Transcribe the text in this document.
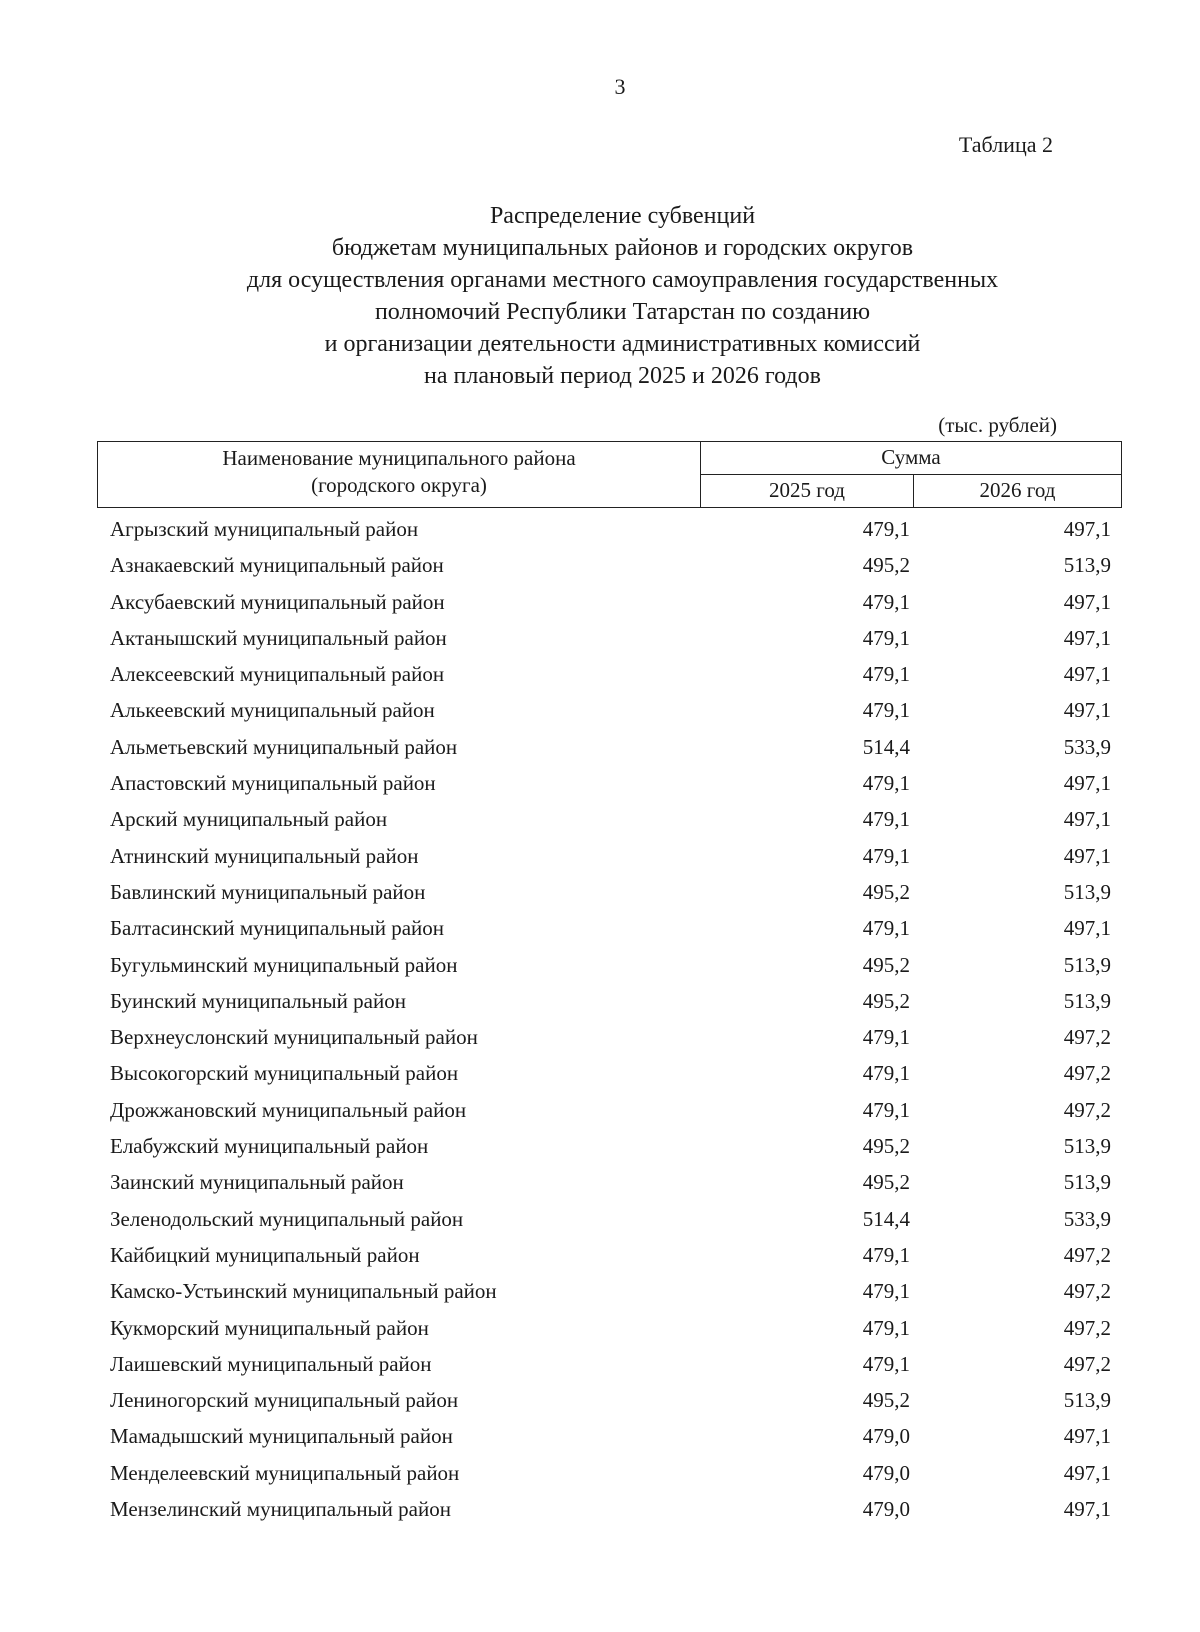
3
Таблица 2
Распределение субвенций
бюджетам муниципальных районов и городских округов
для осуществления органами местного самоуправления государственных
полномочий Республики Татарстан по созданию
и организации деятельности административных комиссий
на плановый период 2025 и 2026 годов
(тыс. рублей)
Наименование муниципального района
(городского округа)
Сумма
2025 год	2026 год
Агрызский муниципальный район	479,1	497,1
Азнакаевский муниципальный район	495,2	513,9
Аксубаевский муниципальный район	479,1	497,1
Актанышский муниципальный район	479,1	497,1
Алексеевский муниципальный район	479,1	497,1
Алькеевский муниципальный район	479,1	497,1
Альметьевский муниципальный район	514,4	533,9
Апастовский муниципальный район	479,1	497,1
Арский муниципальный район	479,1	497,1
Атнинский муниципальный район	479,1	497,1
Бавлинский муниципальный район	495,2	513,9
Балтасинский муниципальный район	479,1	497,1
Бугульминский муниципальный район	495,2	513,9
Буинский муниципальный район	495,2	513,9
Верхнеуслонский муниципальный район	479,1	497,2
Высокогорский муниципальный район	479,1	497,2
Дрожжановский муниципальный район	479,1	497,2
Елабужский муниципальный район	495,2	513,9
Заинский муниципальный район	495,2	513,9
Зеленодольский муниципальный район	514,4	533,9
Кайбицкий муниципальный район	479,1	497,2
Камско-Устьинский муниципальный район	479,1	497,2
Кукморский муниципальный район	479,1	497,2
Лаишевский муниципальный район	479,1	497,2
Лениногорский муниципальный район	495,2	513,9
Мамадышский муниципальный район	479,0	497,1
Менделеевский муниципальный район	479,0	497,1
Мензелинский муниципальный район	479,0	497,1
